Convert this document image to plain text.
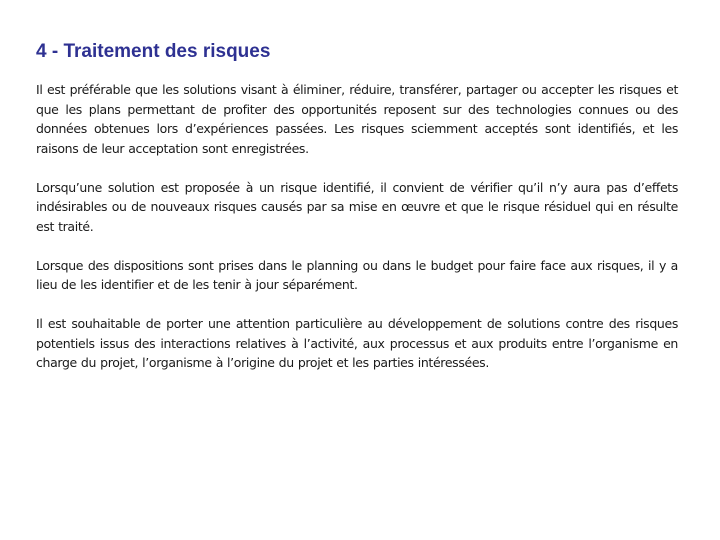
4 - Traitement des risques

Il est préférable que les solutions visant à éliminer, réduire, transférer, partager ou accepter les risques et que les plans permettant de profiter des opportunités reposent sur des technologies connues ou des données obtenues lors d’expériences passées. Les risques sciemment acceptés sont identifiés, et les raisons de leur acceptation sont enregistrées.

Lorsqu’une solution est proposée à un risque identifié, il convient de vérifier qu’il n’y aura pas d’effets indésirables ou de nouveaux risques causés par sa mise en œuvre et que le risque résiduel qui en résulte est traité.

Lorsque des dispositions sont prises dans le planning ou dans le budget pour faire face aux risques, il y a lieu de les identifier et de les tenir à jour séparément.

Il est souhaitable de porter une attention particulière au développement de solutions contre des risques potentiels issus des interactions relatives à l’activité, aux processus et aux produits entre l’organisme en charge du projet, l’organisme à l’origine du projet et les parties intéressées.
